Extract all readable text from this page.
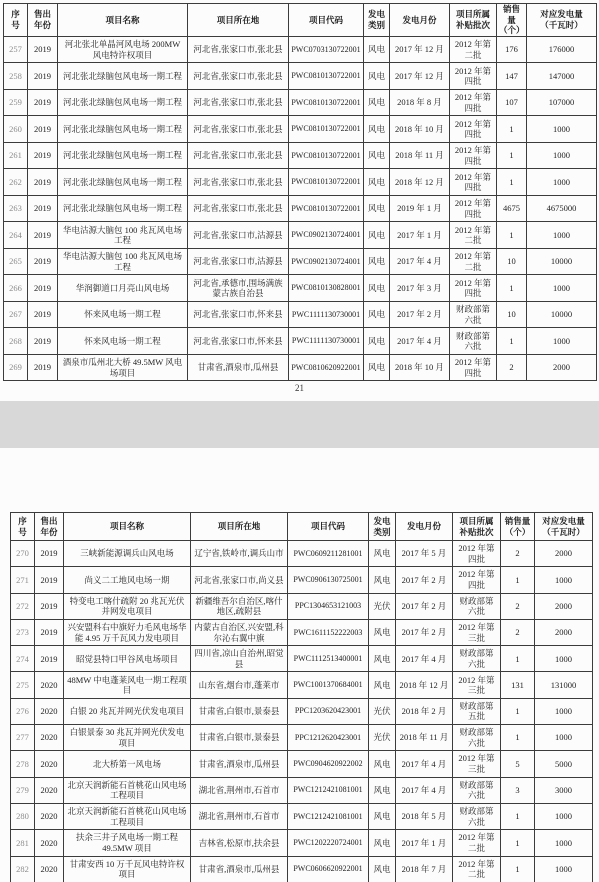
序号	售出年份	项目名称	项目所在地	项目代码	发电类别	发电月份	项目所属补贴批次	销售量（个）	对应发电量（千瓦时）
257	2019	河北张北单晶河风电场 200MW 风电特许权项目	河北省,张家口市,张北县	PWC0703130722001	风电	2017 年 12 月	2012 年第二批	176	176000
258	2019	河北张北绿脑包风电场一期工程	河北省,张家口市,张北县	PWC0810130722001	风电	2017 年 12 月	2012 年第四批	147	147000
259	2019	河北张北绿脑包风电场一期工程	河北省,张家口市,张北县	PWC0810130722001	风电	2018 年 8 月	2012 年第四批	107	107000
260	2019	河北张北绿脑包风电场一期工程	河北省,张家口市,张北县	PWC0810130722001	风电	2018 年 10 月	2012 年第四批	1	1000
261	2019	河北张北绿脑包风电场一期工程	河北省,张家口市,张北县	PWC0810130722001	风电	2018 年 11 月	2012 年第四批	1	1000
262	2019	河北张北绿脑包风电场一期工程	河北省,张家口市,张北县	PWC0810130722001	风电	2018 年 12 月	2012 年第四批	1	1000
263	2019	河北张北绿脑包风电场一期工程	河北省,张家口市,张北县	PWC0810130722001	风电	2019 年 1 月	2012 年第四批	4675	4675000
264	2019	华电沽源大脑包 100 兆瓦风电场工程	河北省,张家口市,沽源县	PWC0902130724001	风电	2017 年 1 月	2012 年第二批	1	1000
265	2019	华电沽源大脑包 100 兆瓦风电场工程	河北省,张家口市,沽源县	PWC0902130724001	风电	2017 年 4 月	2012 年第二批	10	10000
266	2019	华润御道口月亮山风电场	河北省,承德市,围场满族蒙古族自治县	PWC0810130828001	风电	2017 年 3 月	2012 年第四批	1	1000
267	2019	怀来风电场一期工程	河北省,张家口市,怀来县	PWC1111130730001	风电	2017 年 2 月	财政部第六批	10	10000
268	2019	怀来风电场一期工程	河北省,张家口市,怀来县	PWC1111130730001	风电	2017 年 4 月	财政部第六批	1	1000
269	2019	酒泉市瓜州北大桥 49.5MW 风电场项目	甘肃省,酒泉市,瓜州县	PWC0810620922001	风电	2018 年 10 月	2012 年第四批	2	2000
21
序号	售出年份	项目名称	项目所在地	项目代码	发电类别	发电月份	项目所属补贴批次	销售量（个）	对应发电量（千瓦时）
270	2019	三峡新能源调兵山风电场	辽宁省,铁岭市,调兵山市	PWC0609211281001	风电	2017 年 5 月	2012 年第四批	2	2000
271	2019	尚义二工地风电场一期	河北省,张家口市,尚义县	PWC0906130725001	风电	2017 年 2 月	2012 年第四批	1	1000
272	2019	特变电工喀什疏附 20 兆瓦光伏并网发电项目	新疆维吾尔自治区,喀什地区,疏附县	PPC1304653121003	光伏	2017 年 2 月	财政部第六批	2	2000
273	2019	兴安盟科右中旗好力毛风电场华能 4.95 万千瓦风力发电项目	内蒙古自治区,兴安盟,科尔沁右翼中旗	PWC1611152222003	风电	2017 年 2 月	2012 年第三批	2	2000
274	2019	昭觉县特口甲谷风电场项目	四川省,凉山自治州,昭觉县	PWC1112513400001	风电	2017 年 4 月	财政部第六批	1	1000
275	2020	48MW 中电蓬莱风电一期工程项目	山东省,烟台市,蓬莱市	PWC1001370684001	风电	2018 年 12 月	2012 年第三批	131	131000
276	2020	白银 20 兆瓦并网光伏发电项目	甘肃省,白银市,景泰县	PPC1203620423001	光伏	2018 年 2 月	财政部第五批	1	1000
277	2020	白银景泰 30 兆瓦并网光伏发电项目	甘肃省,白银市,景泰县	PPC1212620423001	光伏	2018 年 11 月	财政部第六批	1	1000
278	2020	北大桥第一风电场	甘肃省,酒泉市,瓜州县	PWC0904620922002	风电	2017 年 4 月	2012 年第三批	5	5000
279	2020	北京天润新能石首桃花山风电场工程项目	湖北省,荆州市,石首市	PWC1212421081001	风电	2017 年 4 月	财政部第六批	3	3000
280	2020	北京天润新能石首桃花山风电场工程项目	湖北省,荆州市,石首市	PWC1212421081001	风电	2018 年 5 月	财政部第六批	1	1000
281	2020	扶余三井子风电场一期工程 49.5MW 项目	吉林省,松原市,扶余县	PWC1202220724001	风电	2017 年 1 月	2012 年第二批	1	1000
282	2020	甘肃安西 10 万千瓦风电特许权项目	甘肃省,酒泉市,瓜州县	PWC0606620922001	风电	2018 年 7 月	2012 年第二批	1	1000
